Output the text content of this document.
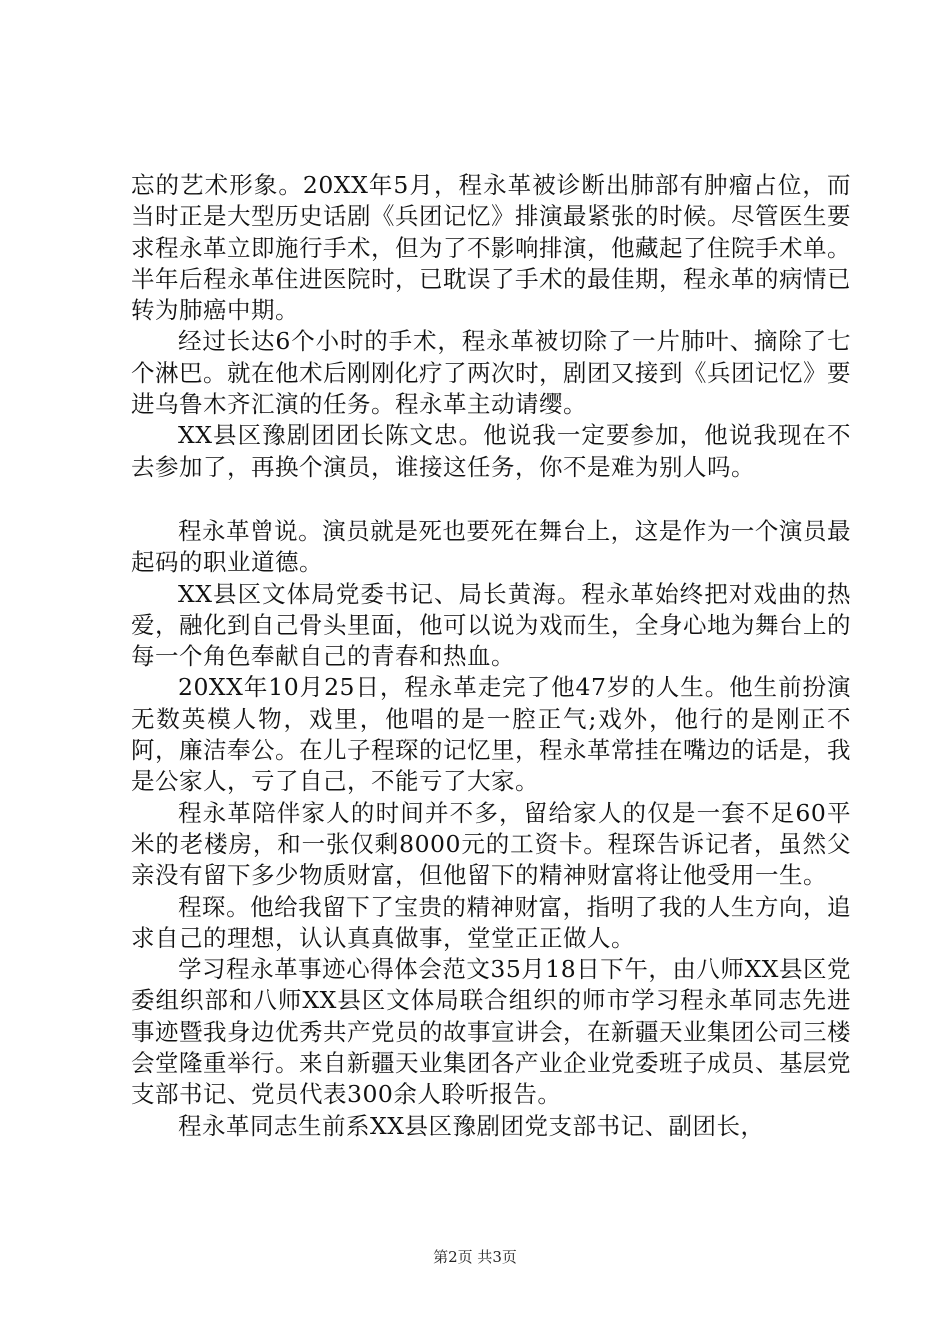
忘的艺术形象。20XX年5月，程永革被诊断出肺部有肿瘤占位，而当时正是大型历史话剧《兵团记忆》排演最紧张的时候。尽管医生要求程永革立即施行手术，但为了不影响排演，他藏起了住院手术单。半年后程永革住进医院时，已耽误了手术的最佳期，程永革的病情已转为肺癌中期。

经过长达6个小时的手术，程永革被切除了一片肺叶、摘除了七个淋巴。就在他术后刚刚化疗了两次时，剧团又接到《兵团记忆》要进乌鲁木齐汇演的任务。程永革主动请缨。

XX县区豫剧团团长陈文忠。他说我一定要参加，他说我现在不去参加了，再换个演员，谁接这任务，你不是难为别人吗。

程永革曾说。演员就是死也要死在舞台上，这是作为一个演员最起码的职业道德。

XX县区文体局党委书记、局长黄海。程永革始终把对戏曲的热爱，融化到自己骨头里面，他可以说为戏而生，全身心地为舞台上的每一个角色奉献自己的青春和热血。

20XX年10月25日，程永革走完了他47岁的人生。他生前扮演无数英模人物，戏里，他唱的是一腔正气;戏外，他行的是刚正不阿，廉洁奉公。在儿子程琛的记忆里，程永革常挂在嘴边的话是，我是公家人，亏了自己，不能亏了大家。

程永革陪伴家人的时间并不多，留给家人的仅是一套不足60平米的老楼房，和一张仅剩8000元的工资卡。程琛告诉记者，虽然父亲没有留下多少物质财富，但他留下的精神财富将让他受用一生。

程琛。他给我留下了宝贵的精神财富，指明了我的人生方向，追求自己的理想，认认真真做事，堂堂正正做人。

学习程永革事迹心得体会范文35月18日下午，由八师XX县区党委组织部和八师XX县区文体局联合组织的师市学习程永革同志先进事迹暨我身边优秀共产党员的故事宣讲会，在新疆天业集团公司三楼会堂隆重举行。来自新疆天业集团各产业企业党委班子成员、基层党支部书记、党员代表300余人聆听报告。

程永革同志生前系XX县区豫剧团党支部书记、副团长，

第2页 共3页
